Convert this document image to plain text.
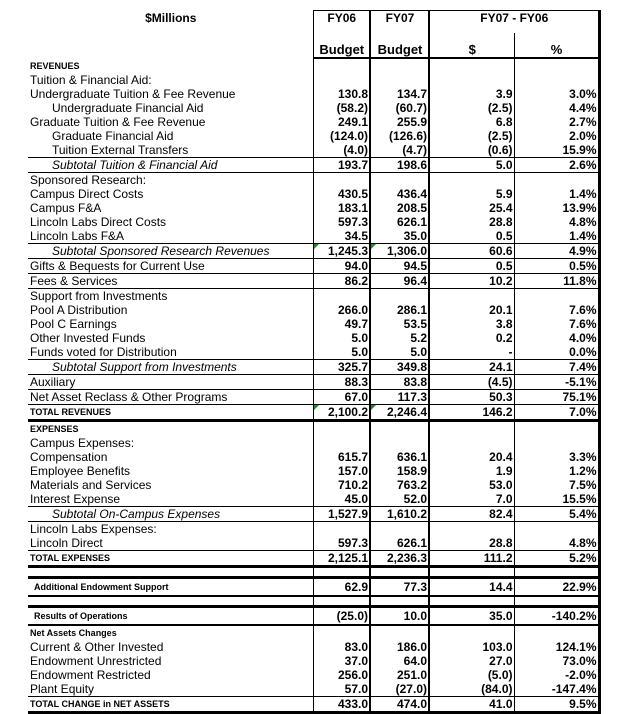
$Millions	FY06	FY07	FY07 - FY06	
	Budget	Budget	$	%
REVENUES				
Tuition & Financial Aid:				
Undergraduate Tuition & Fee Revenue	130.8	134.7	3.9	3.0%
Undergraduate Financial Aid	(58.2)	(60.7)	(2.5)	4.4%
Graduate Tuition & Fee Revenue	249.1	255.9	6.8	2.7%
Graduate Financial Aid	(124.0)	(126.6)	(2.5)	2.0%
Tuition External Transfers	(4.0)	(4.7)	(0.6)	15.9%
Subtotal Tuition & Financial Aid	193.7	198.6	5.0	2.6%
Sponsored Research:				
Campus Direct Costs	430.5	436.4	5.9	1.4%
Campus F&A	183.1	208.5	25.4	13.9%
Lincoln Labs Direct Costs	597.3	626.1	28.8	4.8%
Lincoln Labs F&A	34.5	35.0	0.5	1.4%
Subtotal Sponsored Research Revenues	1,245.3	1,306.0	60.6	4.9%
Gifts & Bequests for Current Use	94.0	94.5	0.5	0.5%
Fees & Services	86.2	96.4	10.2	11.8%
Support from Investments				
Pool A Distribution	266.0	286.1	20.1	7.6%
Pool C Earnings	49.7	53.5	3.8	7.6%
Other Invested Funds	5.0	5.2	0.2	4.0%
Funds voted for Distribution	5.0	5.0	-	0.0%
Subtotal Support from Investments	325.7	349.8	24.1	7.4%
Auxiliary	88.3	83.8	(4.5)	-5.1%
Net Asset Reclass & Other Programs	67.0	117.3	50.3	75.1%
TOTAL REVENUES	2,100.2	2,246.4	146.2	7.0%
EXPENSES				
Campus Expenses:				
Compensation	615.7	636.1	20.4	3.3%
Employee Benefits	157.0	158.9	1.9	1.2%
Materials and Services	710.2	763.2	53.0	7.5%
Interest Expense	45.0	52.0	7.0	15.5%
Subtotal On-Campus Expenses	1,527.9	1,610.2	82.4	5.4%
Lincoln Labs Expenses:				
Lincoln Direct	597.3	626.1	28.8	4.8%
TOTAL EXPENSES	2,125.1	2,236.3	111.2	5.2%

Additional Endowment Support	62.9	77.3	14.4	22.9%

Results of Operations	(25.0)	10.0	35.0	-140.2%
Net Assets Changes				
Current & Other Invested	83.0	186.0	103.0	124.1%
Endowment Unrestricted	37.0	64.0	27.0	73.0%
Endowment Restricted	256.0	251.0	(5.0)	-2.0%
Plant Equity	57.0	(27.0)	(84.0)	-147.4%
TOTAL CHANGE in NET ASSETS	433.0	474.0	41.0	9.5%
